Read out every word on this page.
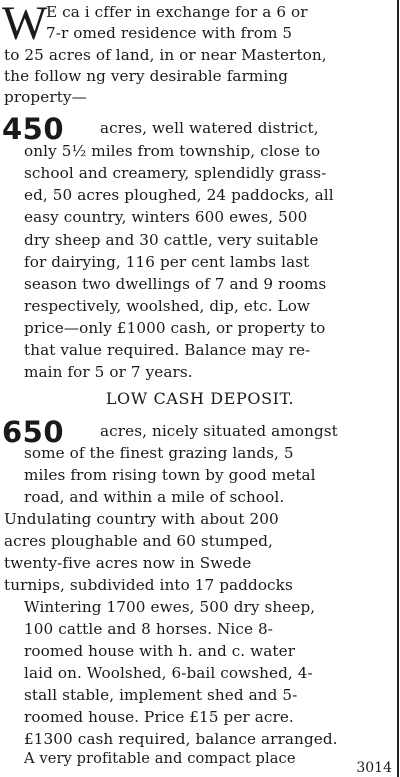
W
E ca i cffer in exchange for a 6 or
7-r omed residence with from 5
to 25 acres of land, in or near Masterton,
the follow ng very desirable farming
property—
450 acres, well watered district,
only 5½ miles from township, close to
school and creamery, splendidly grass-
ed, 50 acres ploughed, 24 paddocks, all
easy country, winters 600 ewes, 500
dry sheep and 30 cattle, very suitable
for dairying, 116 per cent lambs last
season two dwellings of 7 and 9 rooms
respectively, woolshed, dip, etc. Low
price—only £1000 cash, or property to
that value required. Balance may re-
main for 5 or 7 years.
LOW CASH DEPOSIT.
650 acres, nicely situated amongst
some of the finest grazing lands, 5
miles from rising town by good metal
road, and within a mile of school.
Undulating country with about 200
acres ploughable and 60 stumped,
twenty-five acres now in Swede
turnips, subdivided into 17 paddocks
Wintering 1700 ewes, 500 dry sheep,
100 cattle and 8 horses. Nice 8-
roomed house with h. and c. water
laid on. Woolshed, 6-bail cowshed, 4-
stall stable, implement shed and 5-
roomed house. Price £15 per acre.
£1300 cash required, balance arranged.
A very profitable and compact place
3014
